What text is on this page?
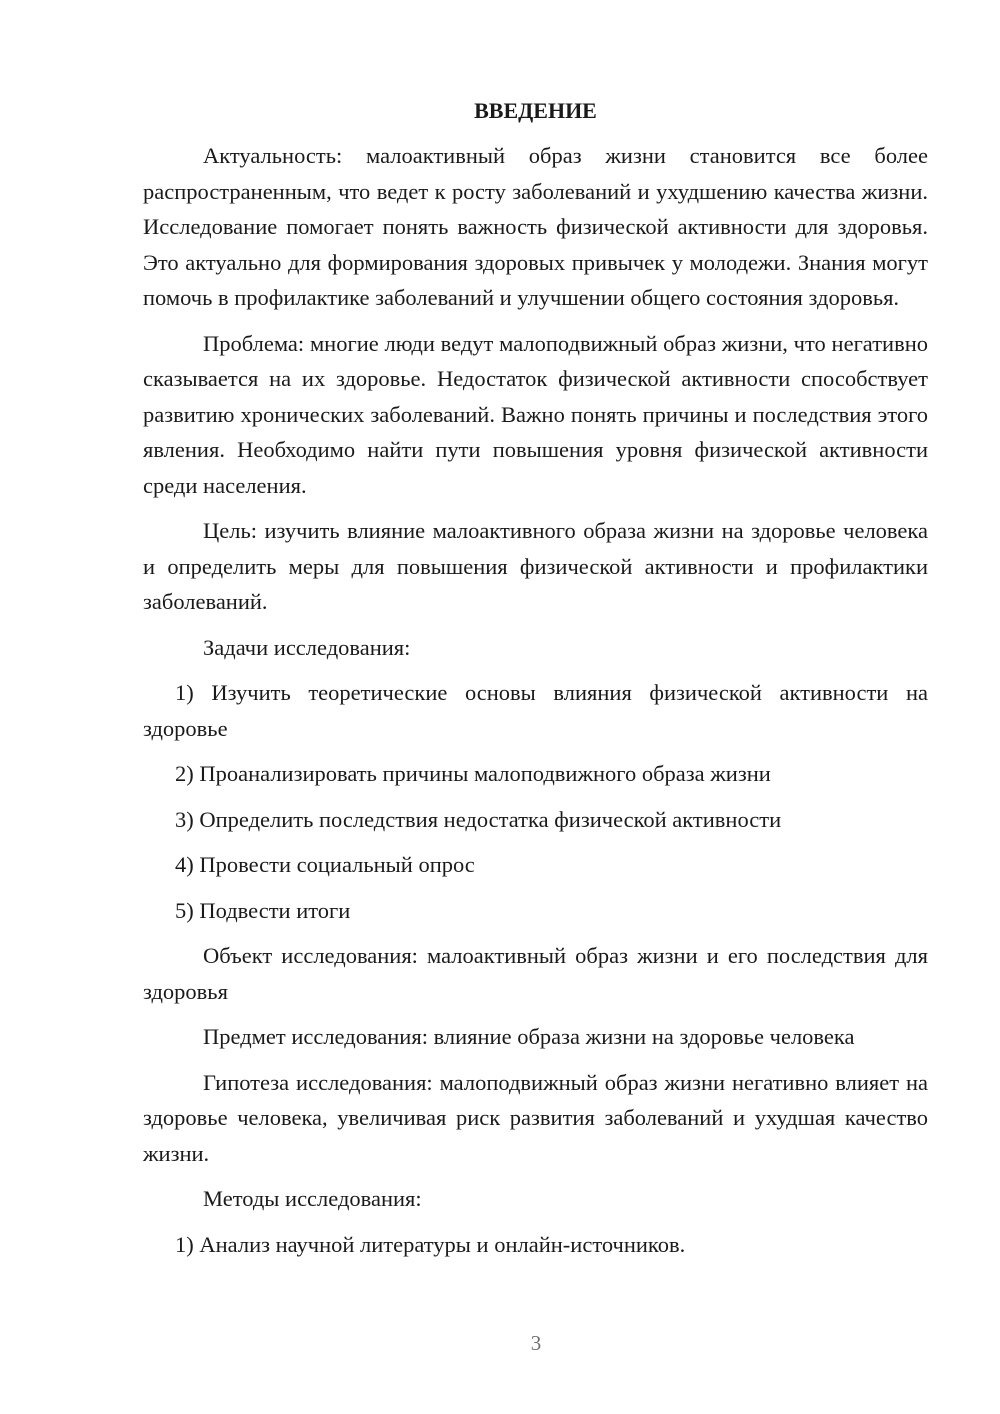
ВВЕДЕНИЕ

Актуальность: малоактивный образ жизни становится все более распространенным, что ведет к росту заболеваний и ухудшению качества жизни. Исследование помогает понять важность физической активности для здоровья. Это актуально для формирования здоровых привычек у молодежи. Знания могут помочь в профилактике заболеваний и улучшении общего состояния здоровья.

Проблема: многие люди ведут малоподвижный образ жизни, что негативно сказывается на их здоровье. Недостаток физической активности способствует развитию хронических заболеваний. Важно понять причины и последствия этого явления. Необходимо найти пути повышения уровня физической активности среди населения.

Цель: изучить влияние малоактивного образа жизни на здоровье человека и определить меры для повышения физической активности и профилактики заболеваний.

Задачи исследования:

1) Изучить теоретические основы влияния физической активности на здоровье

2) Проанализировать причины малоподвижного образа жизни

3) Определить последствия недостатка физической активности

4) Провести социальный опрос

5) Подвести итоги

Объект исследования: малоактивный образ жизни и его последствия для здоровья

Предмет исследования: влияние образа жизни на здоровье человека

Гипотеза исследования: малоподвижный образ жизни негативно влияет на здоровье человека, увеличивая риск развития заболеваний и ухудшая качество жизни.

Методы исследования:

1) Анализ научной литературы и онлайн-источников.

3
